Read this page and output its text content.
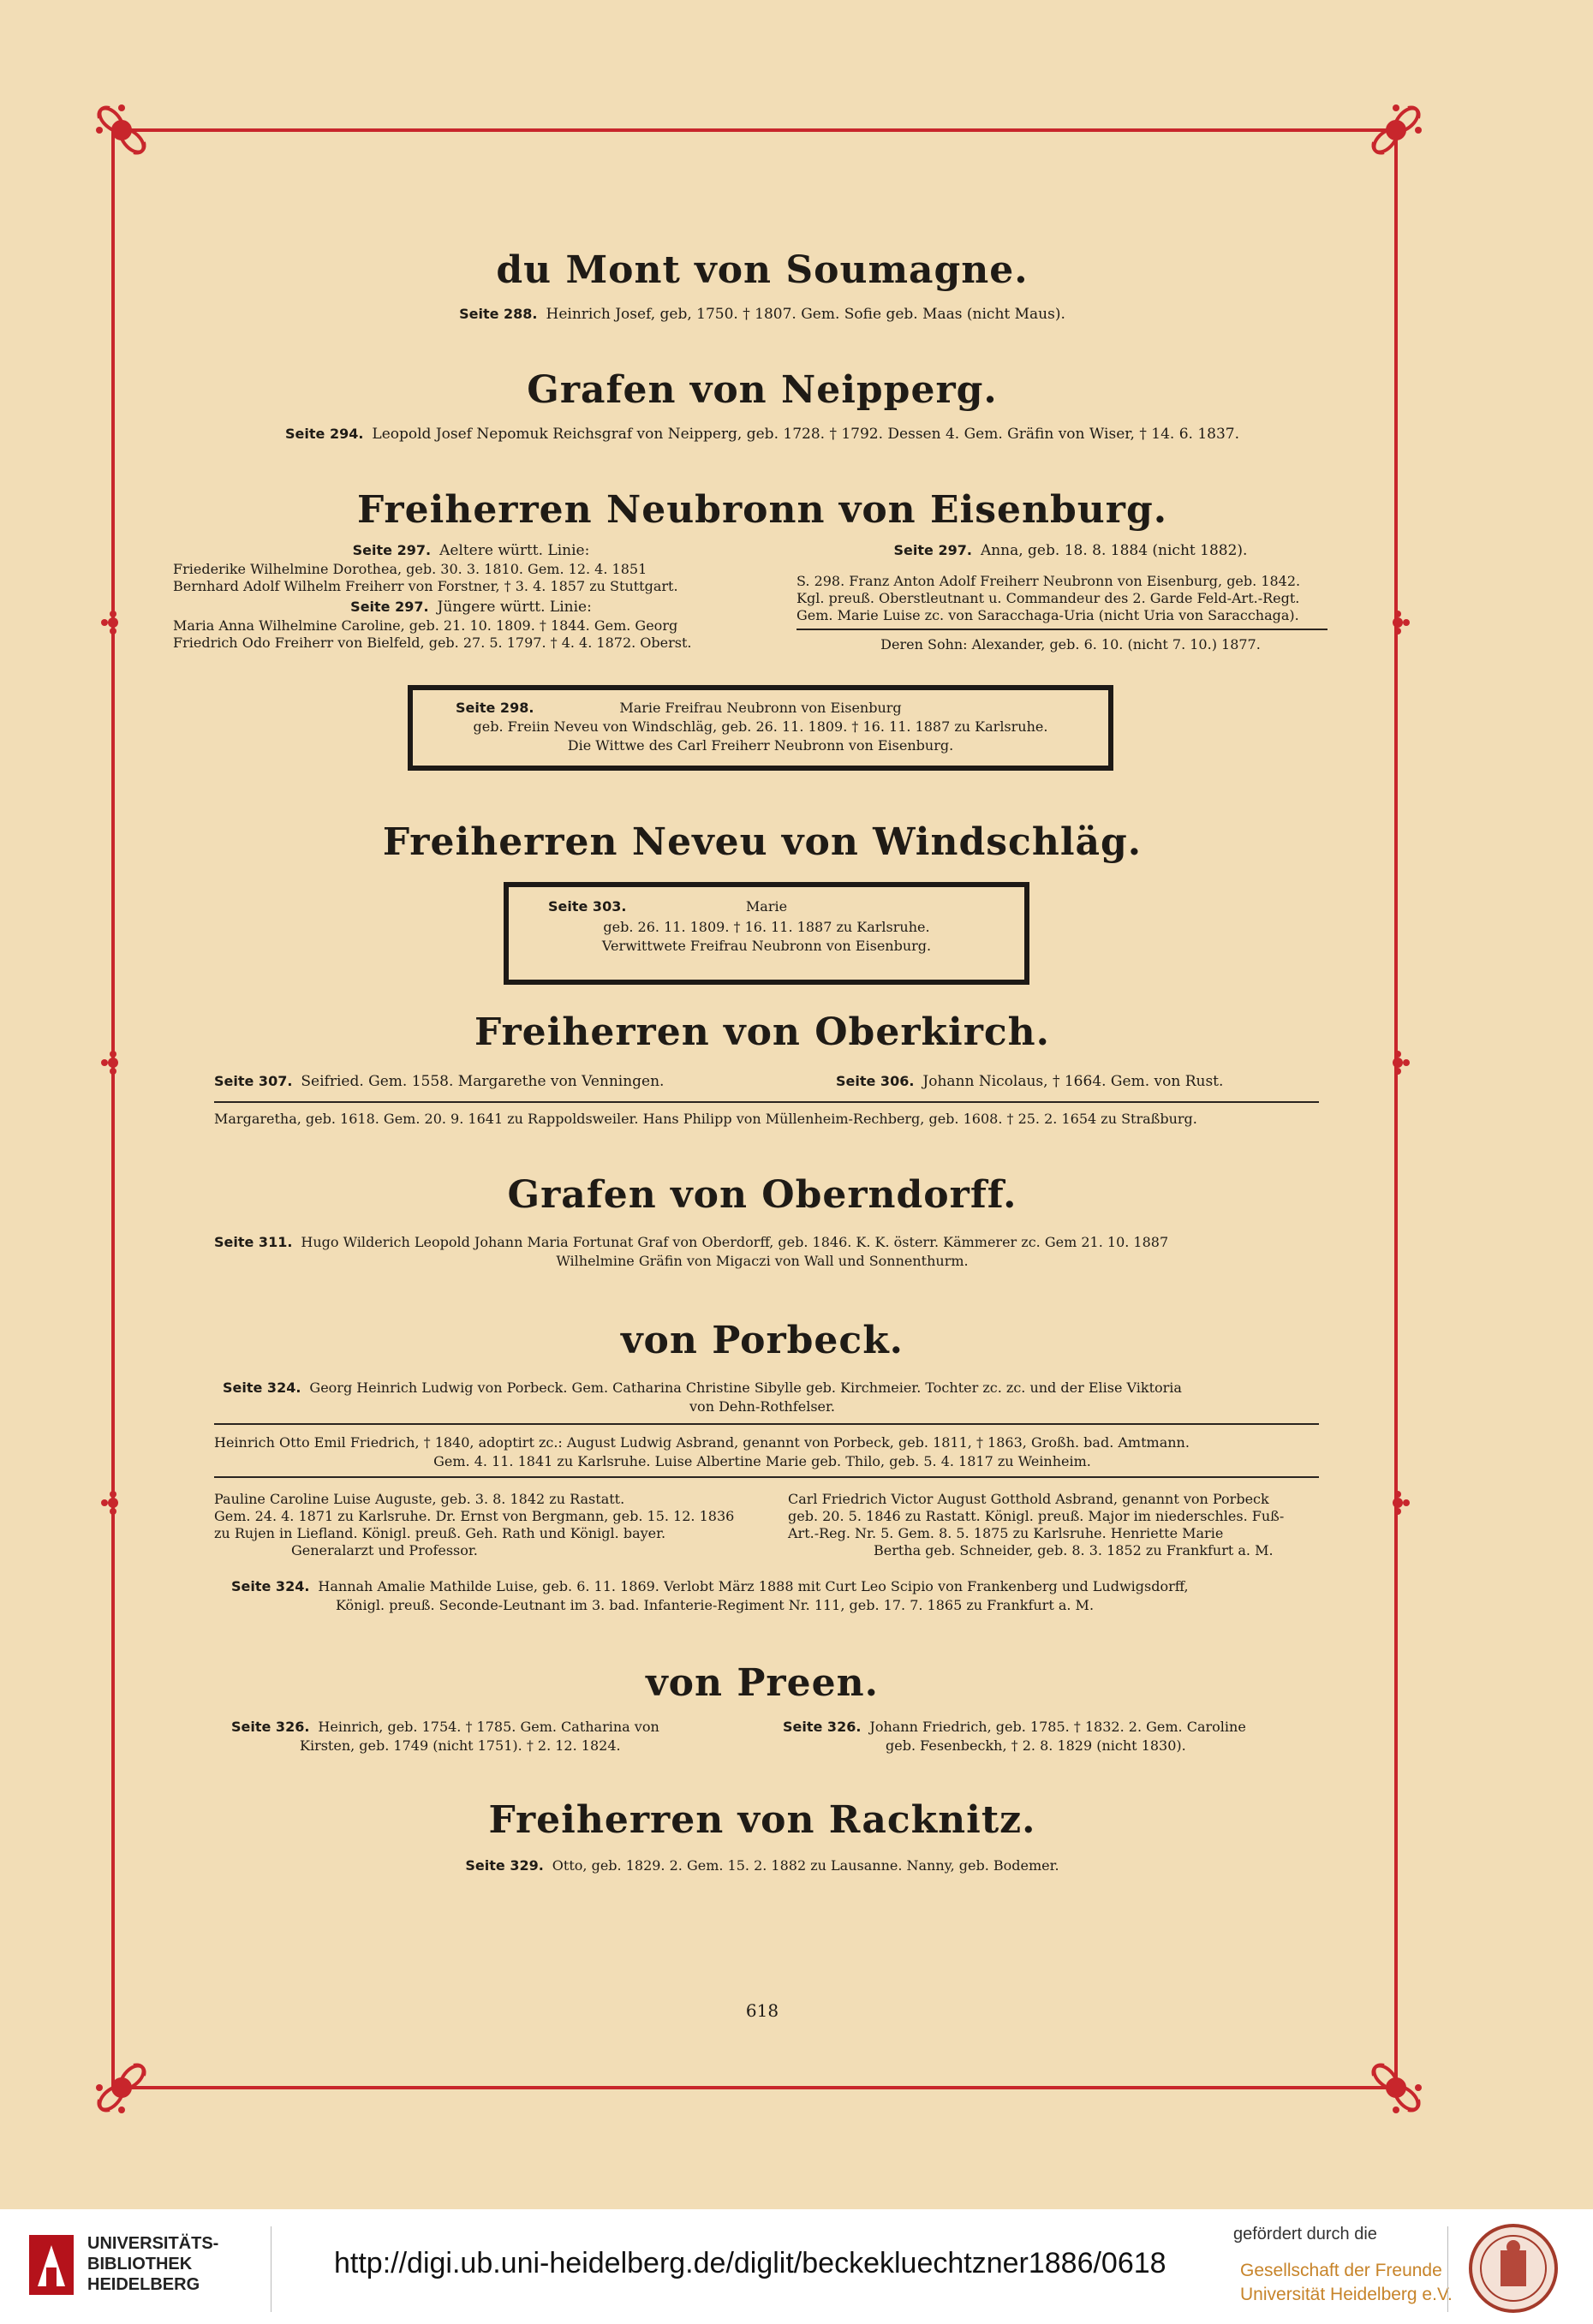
du Mont von Soumagne.
Seite 288. Heinrich Josef, geb, 1750. † 1807. Gem. Sofie geb. Maas (nicht Maus).
Grafen von Neipperg.
Seite 294. Leopold Josef Nepomuk Reichsgraf von Neipperg, geb. 1728. † 1792. Dessen 4. Gem. Gräfin von Wiser, † 14. 6. 1837.
Freiherren Neubronn von Eisenburg.
Seite 297. Aeltere württ. Linie:
Friederike Wilhelmine Dorothea, geb. 30. 3. 1810. Gem. 12. 4. 1851
Bernhard Adolf Wilhelm Freiherr von Forstner, † 3. 4. 1857 zu Stuttgart.
Seite 297. Jüngere württ. Linie:
Maria Anna Wilhelmine Caroline, geb. 21. 10. 1809. † 1844. Gem. Georg
Friedrich Odo Freiherr von Bielfeld, geb. 27. 5. 1797. † 4. 4. 1872. Oberst.
Seite 297. Anna, geb. 18. 8. 1884 (nicht 1882).
S. 298. Franz Anton Adolf Freiherr Neubronn von Eisenburg, geb. 1842.
Kgl. preuß. Oberstleutnant u. Commandeur des 2. Garde Feld-Art.-Regt.
Gem. Marie Luise zc. von Saracchaga-Uria (nicht Uria von Saracchaga).
Deren Sohn: Alexander, geb. 6. 10. (nicht 7. 10.) 1877.
Seite 298.	Marie Freifrau Neubronn von Eisenburg
geb. Freiin Neveu von Windschläg, geb. 26. 11. 1809. † 16. 11. 1887 zu Karlsruhe.
Die Wittwe des Carl Freiherr Neubronn von Eisenburg.
Freiherren Neveu von Windschläg.
Seite 303.	Marie
geb. 26. 11. 1809. † 16. 11. 1887 zu Karlsruhe.
Verwittwete Freifrau Neubronn von Eisenburg.
Freiherren von Oberkirch.
Seite 307. Seifried. Gem. 1558. Margarethe von Venningen.	Seite 306. Johann Nicolaus, † 1664. Gem. von Rust.
Margaretha, geb. 1618. Gem. 20. 9. 1641 zu Rappoldsweiler. Hans Philipp von Müllenheim-Rechberg, geb. 1608. † 25. 2. 1654 zu Straßburg.
Grafen von Oberndorff.
Seite 311. Hugo Wilderich Leopold Johann Maria Fortunat Graf von Oberdorff, geb. 1846. K. K. österr. Kämmerer zc. Gem 21. 10. 1887
Wilhelmine Gräfin von Migaczi von Wall und Sonnenthurm.
von Porbeck.
Seite 324. Georg Heinrich Ludwig von Porbeck. Gem. Catharina Christine Sibylle geb. Kirchmeier. Tochter zc. zc. und der Elise Viktoria
von Dehn-Rothfelser.
Heinrich Otto Emil Friedrich, † 1840, adoptirt zc.: August Ludwig Asbrand, genannt von Porbeck, geb. 1811, † 1863, Großh. bad. Amtmann.
Gem. 4. 11. 1841 zu Karlsruhe. Luise Albertine Marie geb. Thilo, geb. 5. 4. 1817 zu Weinheim.
Pauline Caroline Luise Auguste, geb. 3. 8. 1842 zu Rastatt.
Gem. 24. 4. 1871 zu Karlsruhe. Dr. Ernst von Bergmann, geb. 15. 12. 1836
zu Rujen in Liefland. Königl. preuß. Geh. Rath und Königl. bayer.
Generalarzt und Professor.
Carl Friedrich Victor August Gotthold Asbrand, genannt von Porbeck
geb. 20. 5. 1846 zu Rastatt. Königl. preuß. Major im niederschles. Fuß-
Art.-Reg. Nr. 5. Gem. 8. 5. 1875 zu Karlsruhe. Henriette Marie
Bertha geb. Schneider, geb. 8. 3. 1852 zu Frankfurt a. M.
Seite 324. Hannah Amalie Mathilde Luise, geb. 6. 11. 1869. Verlobt März 1888 mit Curt Leo Scipio von Frankenberg und Ludwigsdorff,
Königl. preuß. Seconde-Leutnant im 3. bad. Infanterie-Regiment Nr. 111, geb. 17. 7. 1865 zu Frankfurt a. M.
von Preen.
Seite 326. Heinrich, geb. 1754. † 1785. Gem. Catharina von
Kirsten, geb. 1749 (nicht 1751). † 2. 12. 1824.
Seite 326. Johann Friedrich, geb. 1785. † 1832. 2. Gem. Caroline
geb. Fesenbeckh, † 2. 8. 1829 (nicht 1830).
Freiherren von Racknitz.
Seite 329. Otto, geb. 1829. 2. Gem. 15. 2. 1882 zu Lausanne. Nanny, geb. Bodemer.
618
UNIVERSITÄTS-
BIBLIOTHEK
HEIDELBERG
http://digi.ub.uni-heidelberg.de/diglit/beckekluechtzner1886/0618
gefördert durch die
Gesellschaft der Freunde
Universität Heidelberg e.V.
